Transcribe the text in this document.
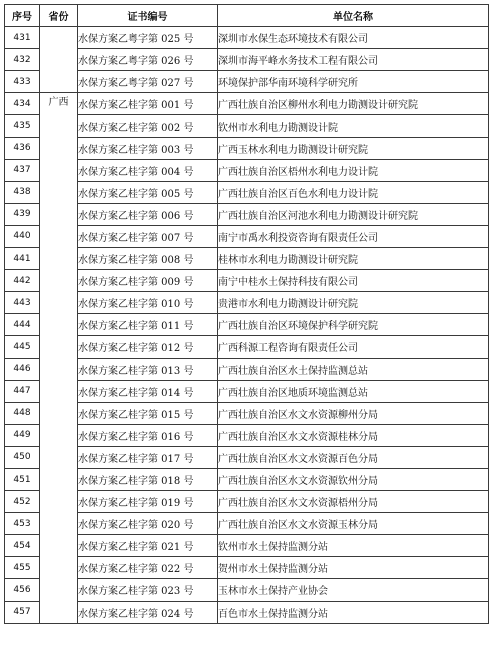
序号	省份	证书编号	单位名称
431		水保方案乙粤字第 025 号	深圳市水保生态环境技术有限公司
432		水保方案乙粤字第 026 号	深圳市海平峰水务技术工程有限公司
433		水保方案乙粤字第 027 号	环境保护部华南环境科学研究所
434	广西	水保方案乙桂字第 001 号	广西壮族自治区柳州水利电力勘测设计研究院
435		水保方案乙桂字第 002 号	钦州市水利电力勘测设计院
436		水保方案乙桂字第 003 号	广西玉林水利电力勘测设计研究院
437		水保方案乙桂字第 004 号	广西壮族自治区梧州水利电力设计院
438		水保方案乙桂字第 005 号	广西壮族自治区百色水利电力设计院
439		水保方案乙桂字第 006 号	广西壮族自治区河池水利电力勘测设计研究院
440		水保方案乙桂字第 007 号	南宁市禹水利投资咨询有限责任公司
441		水保方案乙桂字第 008 号	桂林市水利电力勘测设计研究院
442		水保方案乙桂字第 009 号	南宁中桂水土保持科技有限公司
443		水保方案乙桂字第 010 号	贵港市水利电力勘测设计研究院
444		水保方案乙桂字第 011 号	广西壮族自治区环境保护科学研究院
445		水保方案乙桂字第 012 号	广西科源工程咨询有限责任公司
446		水保方案乙桂字第 013 号	广西壮族自治区水土保持监测总站
447		水保方案乙桂字第 014 号	广西壮族自治区地质环境监测总站
448		水保方案乙桂字第 015 号	广西壮族自治区水文水资源柳州分局
449		水保方案乙桂字第 016 号	广西壮族自治区水文水资源桂林分局
450		水保方案乙桂字第 017 号	广西壮族自治区水文水资源百色分局
451		水保方案乙桂字第 018 号	广西壮族自治区水文水资源钦州分局
452		水保方案乙桂字第 019 号	广西壮族自治区水文水资源梧州分局
453		水保方案乙桂字第 020 号	广西壮族自治区水文水资源玉林分局
454		水保方案乙桂字第 021 号	钦州市水土保持监测分站
455		水保方案乙桂字第 022 号	贺州市水土保持监测分站
456		水保方案乙桂字第 023 号	玉林市水土保持产业协会
457		水保方案乙桂字第 024 号	百色市水土保持监测分站
